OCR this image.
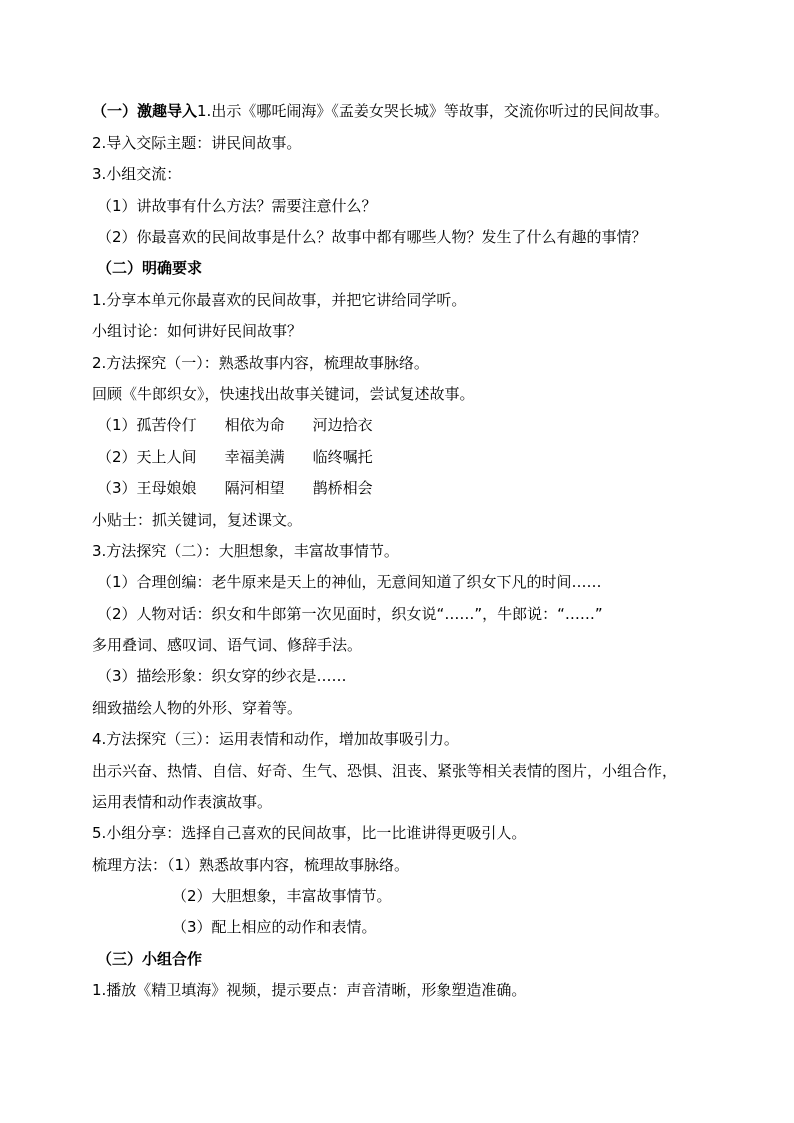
（一）激趣导入1.出示《哪吒闹海》《孟姜女哭长城》等故事，交流你听过的民间故事。
2.导入交际主题：讲民间故事。
3.小组交流：
（1）讲故事有什么方法？需要注意什么？
（2）你最喜欢的民间故事是什么？故事中都有哪些人物？发生了什么有趣的事情？
（二）明确要求
1.分享本单元你最喜欢的民间故事，并把它讲给同学听。
小组讨论：如何讲好民间故事？
2.方法探究（一）：熟悉故事内容，梳理故事脉络。
回顾《牛郎织女》，快速找出故事关键词，尝试复述故事。
（1）孤苦伶仃 相依为命 河边拾衣
（2）天上人间 幸福美满 临终嘱托
（3）王母娘娘 隔河相望 鹊桥相会
小贴士：抓关键词，复述课文。
3.方法探究（二）：大胆想象，丰富故事情节。
（1）合理创编：老牛原来是天上的神仙，无意间知道了织女下凡的时间……
（2）人物对话：织女和牛郎第一次见面时，织女说“……”，牛郎说：“……”
多用叠词、感叹词、语气词、修辞手法。
（3）描绘形象：织女穿的纱衣是……
细致描绘人物的外形、穿着等。
4.方法探究（三）：运用表情和动作，增加故事吸引力。
出示兴奋、热情、自信、好奇、生气、恐惧、沮丧、紧张等相关表情的图片，小组合作，
运用表情和动作表演故事。
5.小组分享：选择自己喜欢的民间故事，比一比谁讲得更吸引人。
梳理方法：（1）熟悉故事内容，梳理故事脉络。
（2）大胆想象，丰富故事情节。
（3）配上相应的动作和表情。
（三）小组合作
1.播放《精卫填海》视频，提示要点：声音清晰，形象塑造准确。
